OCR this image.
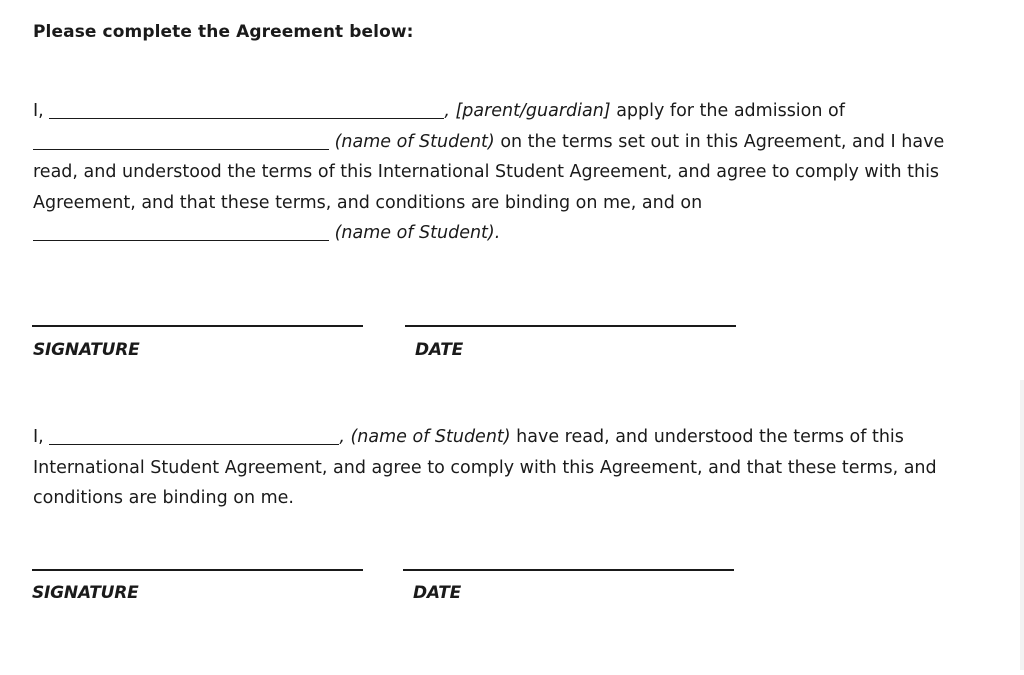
Please complete the Agreement below:

I,	, [parent/guardian] apply for the admission of  (name of Student) on the terms set out in this Agreement, and I have read, and understood the terms of this International Student Agreement, and agree to comply with this Agreement, and that these terms, and conditions are binding on me, and on  (name of Student).

SIGNATURE	DATE

I,	, (name of Student) have read, and understood the terms of this International Student Agreement, and agree to comply with this Agreement, and that these terms, and conditions are binding on me.

SIGNATURE	DATE
